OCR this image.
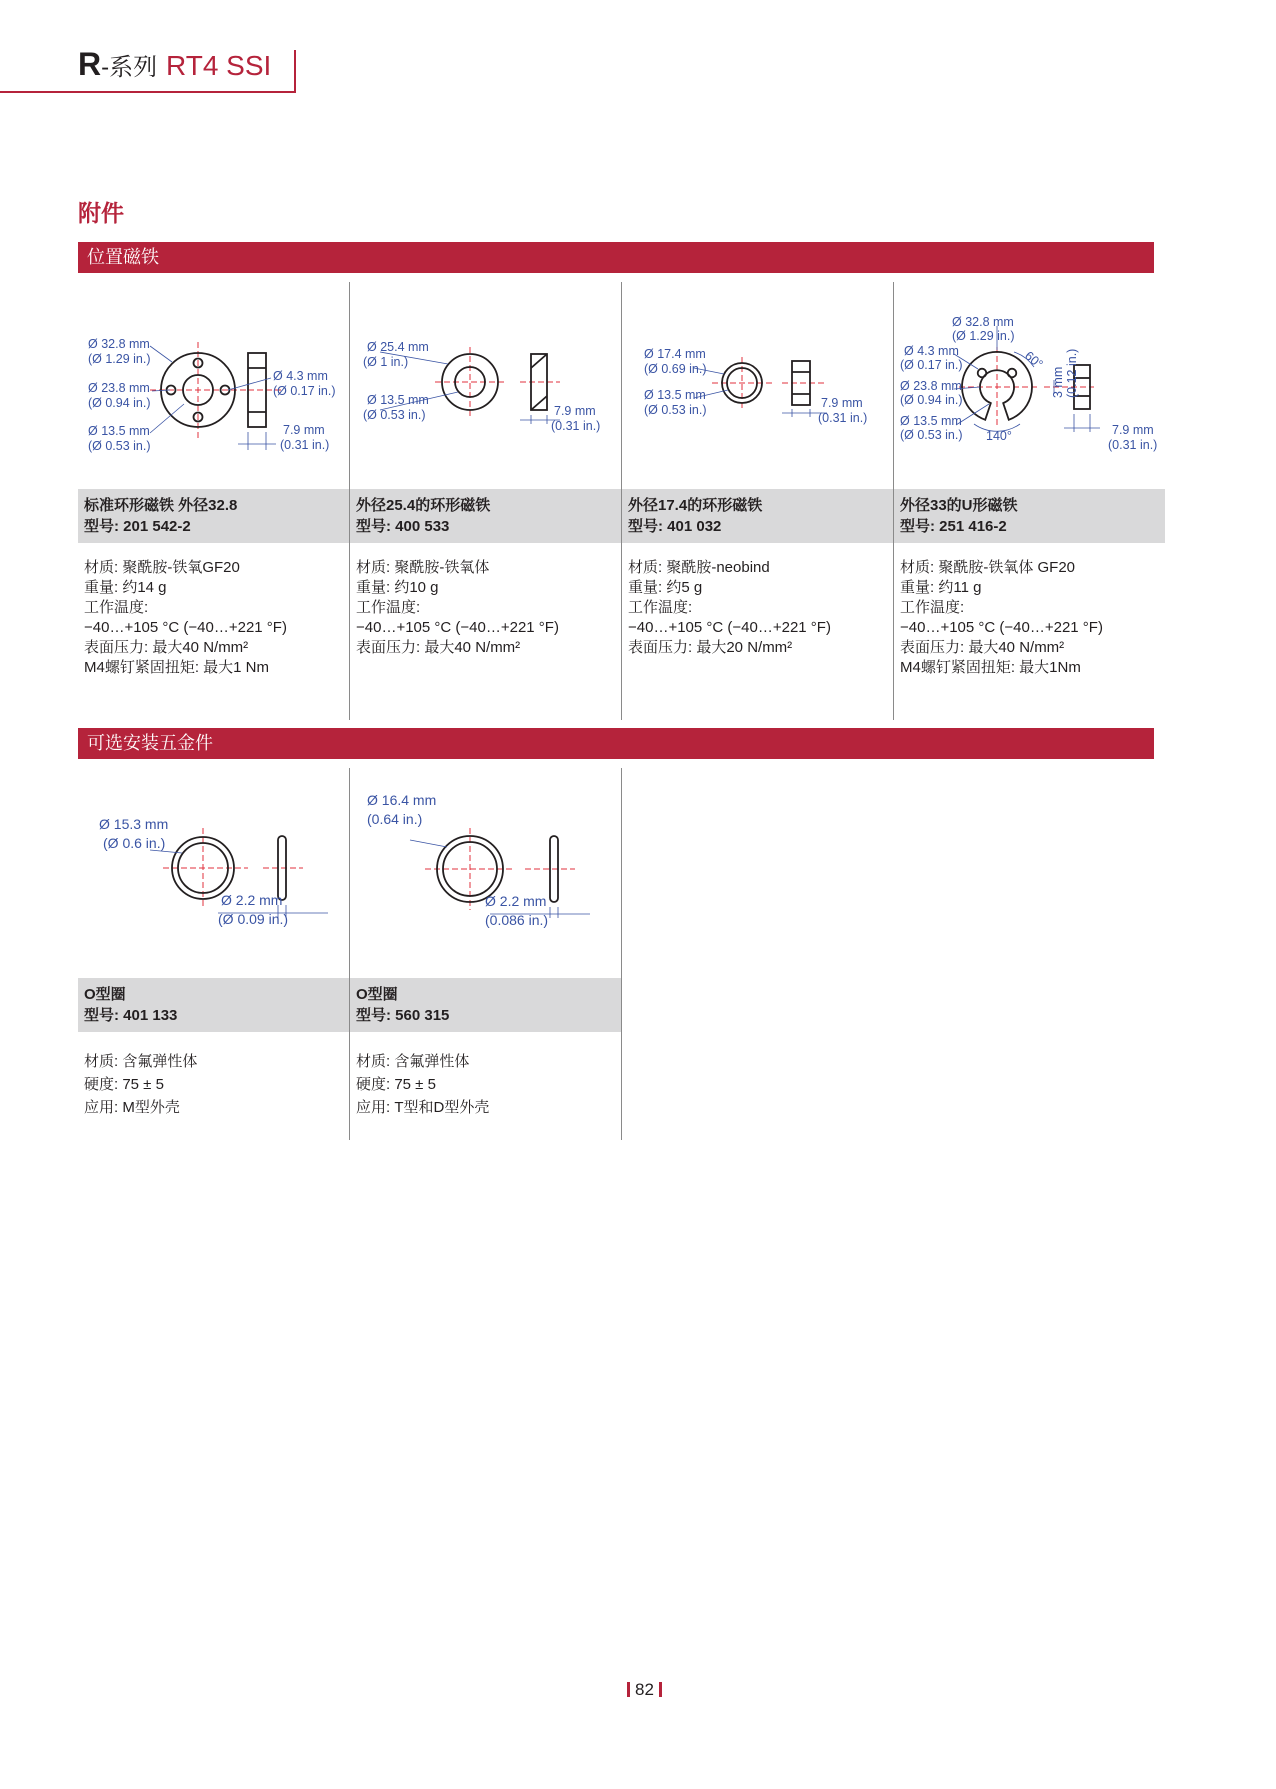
R-系列 RT4 SSI
附件
位置磁铁
可选安装五金件
Ø 32.8 mm
(Ø 1.29 in.)
Ø 23.8 mm
(Ø 0.94 in.)
Ø 13.5 mm
(Ø 0.53 in.)
Ø 4.3 mm
(Ø 0.17 in.)
7.9 mm
(0.31 in.)
标准环形磁铁 外径32.8
型号: 201 542-2
材质: 聚酰胺-铁氧GF20
重量: 约14 g
工作温度:
−40…+105 °C (−40…+221 °F)
表面压力: 最大40 N/mm²
M4螺钉紧固扭矩: 最大1 Nm
Ø 25.4 mm
(Ø 1 in.)
Ø 13.5 mm
(Ø 0.53 in.)	7.9 mm
(0.31 in.)
外径25.4的环形磁铁
型号: 400 533
材质: 聚酰胺-铁氧体
重量: 约10 g
工作温度:
−40…+105 °C (−40…+221 °F)
表面压力: 最大40 N/mm²
Ø 17.4 mm
(Ø 0.69 in.)
Ø 13.5 mm
(Ø 0.53 in.)	7.9 mm
(0.31 in.)
外径17.4的环形磁铁
型号: 401 032
材质: 聚酰胺-neobind
重量: 约5 g
工作温度:
−40…+105 °C (−40…+221 °F)
表面压力: 最大20 N/mm²
Ø 32.8 mm
(Ø 1.29 in.)
Ø 4.3 mm
(Ø 0.17 in.)
Ø 23.8 mm
(Ø 0.94 in.)
Ø 13.5 mm
(Ø 0.53 in.)
60°
3 mm (0.12 in.)
140°	7.9 mm
(0.31 in.)
外径33的U形磁铁
型号: 251 416-2
材质: 聚酰胺-铁氧体 GF20
重量: 约11 g
工作温度:
−40…+105 °C (−40…+221 °F)
表面压力: 最大40 N/mm²
M4螺钉紧固扭矩: 最大1Nm
Ø 15.3 mm
(Ø 0.6 in.)
Ø 2.2 mm
(Ø 0.09 in.)
O型圈
型号: 401 133
材质: 含氟弹性体
硬度: 75 ± 5
应用: M型外壳
Ø 16.4 mm
(0.64 in.)
Ø 2.2 mm
(0.086 in.)
O型圈
型号: 560 315
材质: 含氟弹性体
硬度: 75 ± 5
应用: T型和D型外壳
82
